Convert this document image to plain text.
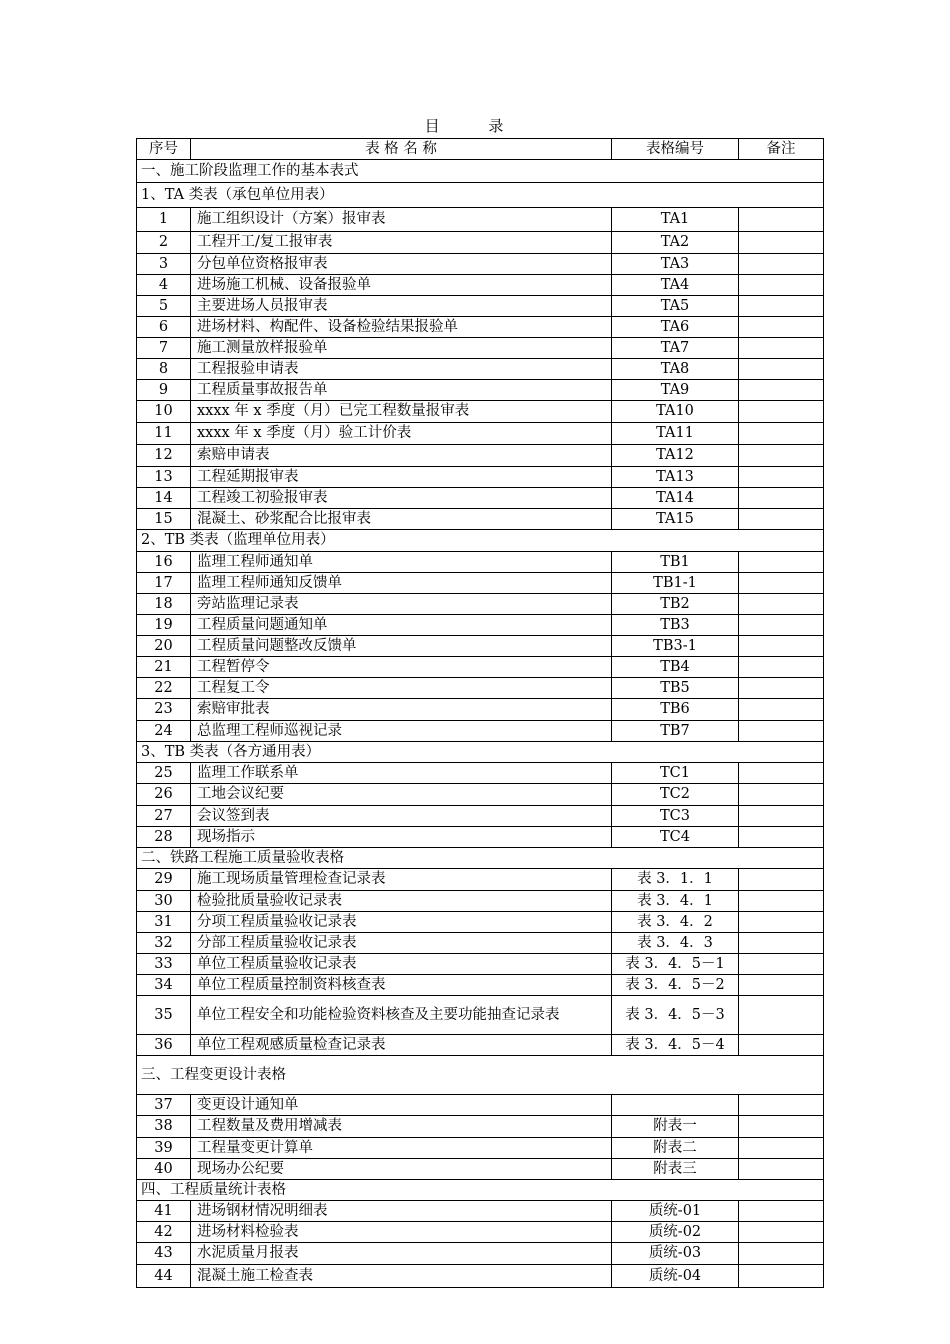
目 录
序号	表 格 名 称	表格编号	备注
一、施工阶段监理工作的基本表式			
1、TA 类表（承包单位用表）			
1	施工组织设计（方案）报审表	TA1	
2	工程开工/复工报审表	TA2	
3	分包单位资格报审表	TA3	
4	进场施工机械、设备报验单	TA4	
5	主要进场人员报审表	TA5	
6	进场材料、构配件、设备检验结果报验单	TA6	
7	施工测量放样报验单	TA7	
8	工程报验申请表	TA8	
9	工程质量事故报告单	TA9	
10	xxxx 年 x 季度（月）已完工程数量报审表	TA10	
11	xxxx 年 x 季度（月）验工计价表	TA11	
12	索赔申请表	TA12	
13	工程延期报审表	TA13	
14	工程竣工初验报审表	TA14	
15	混凝土、砂浆配合比报审表	TA15	
2、TB 类表（监理单位用表）			
16	监理工程师通知单	TB1	
17	监理工程师通知反馈单	TB1-1	
18	旁站监理记录表	TB2	
19	工程质量问题通知单	TB3	
20	工程质量问题整改反馈单	TB3-1	
21	工程暂停令	TB4	
22	工程复工令	TB5	
23	索赔审批表	TB6	
24	总监理工程师巡视记录	TB7	
3、TB 类表（各方通用表）			
25	监理工作联系单	TC1	
26	工地会议纪要	TC2	
27	会议签到表	TC3	
28	现场指示	TC4	
二、铁路工程施工质量验收表格			
29	施工现场质量管理检查记录表	表 3．1．1	
30	检验批质量验收记录表	表 3．4．1	
31	分项工程质量验收记录表	表 3．4．2	
32	分部工程质量验收记录表	表 3．4．3	
33	单位工程质量验收记录表	表 3．4．5－1	
34	单位工程质量控制资料核查表	表 3．4．5－2	
35	单位工程安全和功能检验资料核查及主要功能抽查记录表	表 3．4．5－3	
36	单位工程观感质量检查记录表	表 3．4．5－4	
三、工程变更设计表格			
37	变更设计通知单		
38	工程数量及费用增减表	附表一	
39	工程量变更计算单	附表二	
40	现场办公纪要	附表三	
四、工程质量统计表格			
41	进场钢材情况明细表	质统-01	
42	进场材料检验表	质统-02	
43	水泥质量月报表	质统-03	
44	混凝土施工检查表	质统-04	
